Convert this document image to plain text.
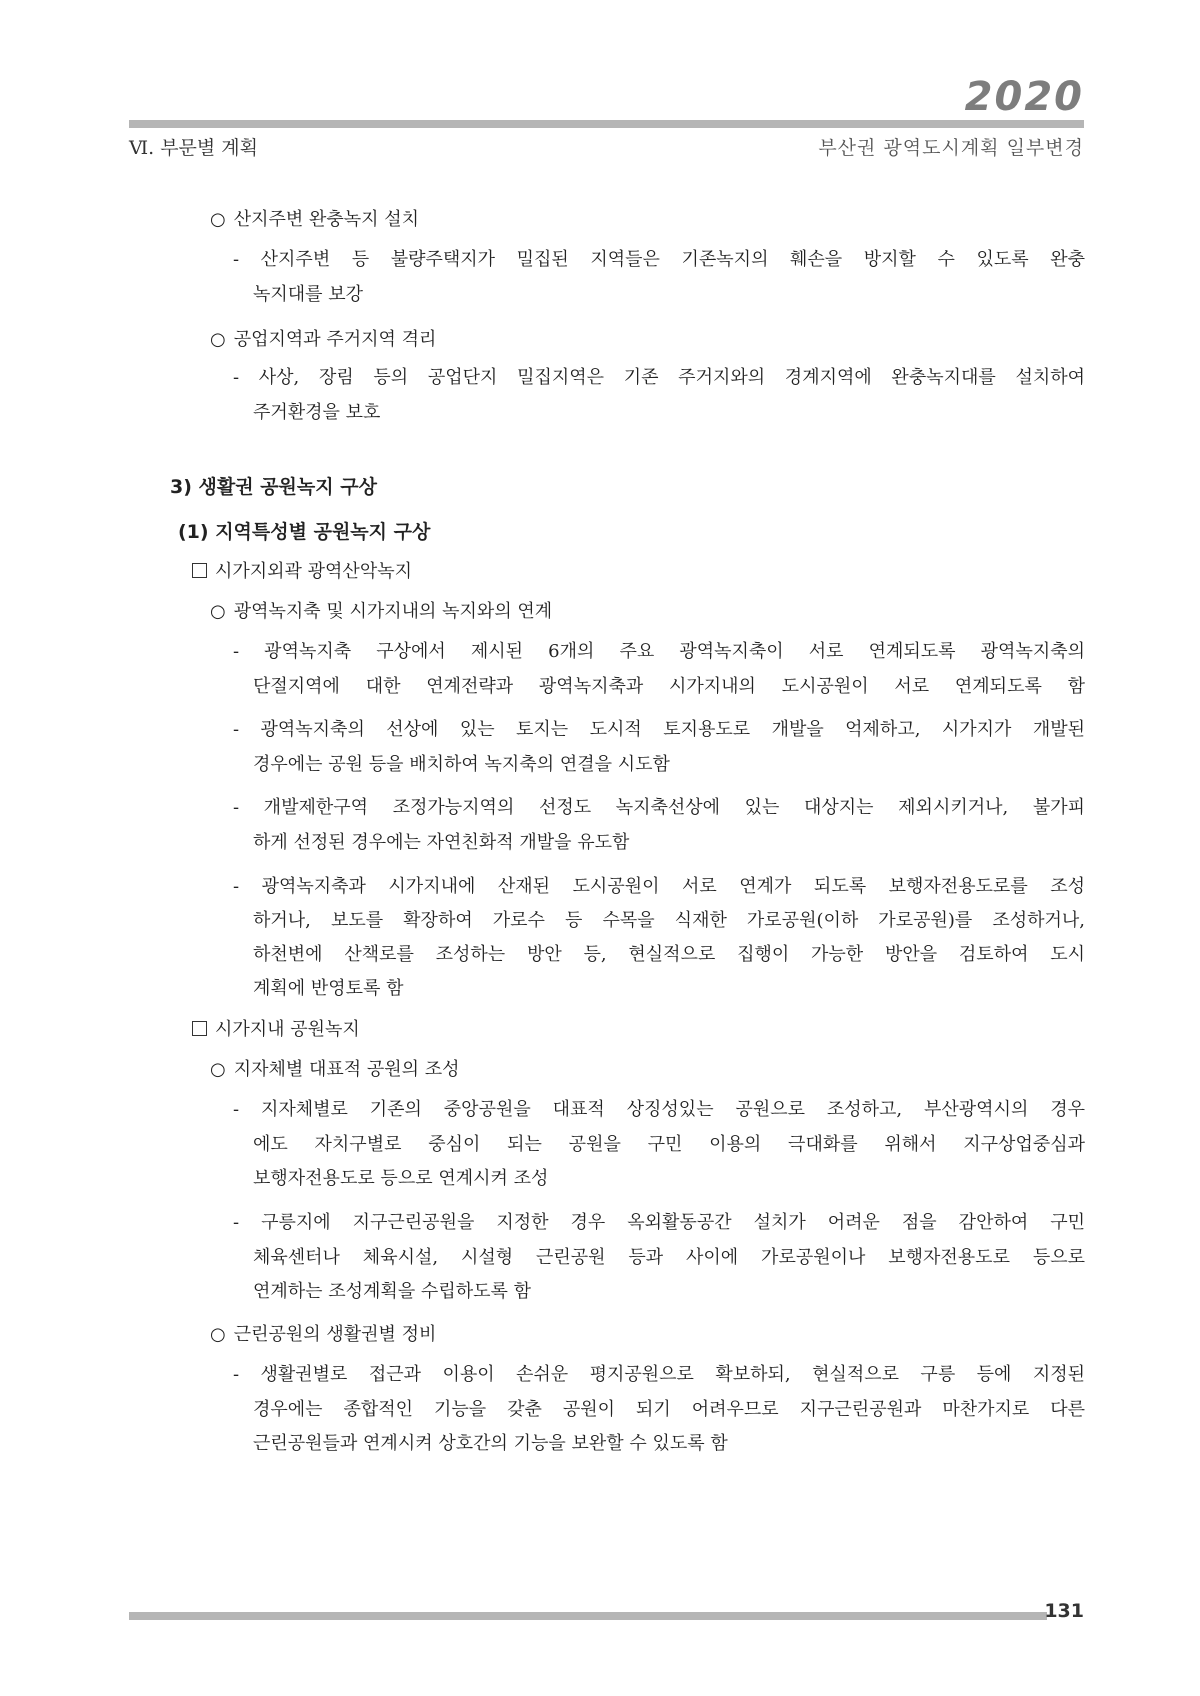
2020
Ⅵ. 부문별 계획	부산권 광역도시계획 일부변경
○ 산지주변 완충녹지 설치
- 산지주변 등 불량주택지가 밀집된 지역들은 기존녹지의 훼손을 방지할 수 있도록 완충
녹지대를 보강
○ 공업지역과 주거지역 격리
- 사상, 장림 등의 공업단지 밀집지역은 기존 주거지와의 경계지역에 완충녹지대를 설치하여
주거환경을 보호
3) 생활권 공원녹지 구상
(1) 지역특성별 공원녹지 구상
시가지외곽 광역산악녹지
○ 광역녹지축 및 시가지내의 녹지와의 연계
- 광역녹지축 구상에서 제시된 6개의 주요 광역녹지축이 서로 연계되도록 광역녹지축의
단절지역에 대한 연계전략과 광역녹지축과 시가지내의 도시공원이 서로 연계되도록 함
- 광역녹지축의 선상에 있는 토지는 도시적 토지용도로 개발을 억제하고, 시가지가 개발된
경우에는 공원 등을 배치하여 녹지축의 연결을 시도함
- 개발제한구역 조정가능지역의 선정도 녹지축선상에 있는 대상지는 제외시키거나, 불가피
하게 선정된 경우에는 자연친화적 개발을 유도함
- 광역녹지축과 시가지내에 산재된 도시공원이 서로 연계가 되도록 보행자전용도로를 조성
하거나, 보도를 확장하여 가로수 등 수목을 식재한 가로공원(이하 가로공원)를 조성하거나,
하천변에 산책로를 조성하는 방안 등, 현실적으로 집행이 가능한 방안을 검토하여 도시
계획에 반영토록 함
시가지내 공원녹지
○ 지자체별 대표적 공원의 조성
- 지자체별로 기존의 중앙공원을 대표적 상징성있는 공원으로 조성하고, 부산광역시의 경우
에도 자치구별로 중심이 되는 공원을 구민 이용의 극대화를 위해서 지구상업중심과
보행자전용도로 등으로 연계시켜 조성
- 구릉지에 지구근린공원을 지정한 경우 옥외활동공간 설치가 어려운 점을 감안하여 구민
체육센터나 체육시설, 시설형 근린공원 등과 사이에 가로공원이나 보행자전용도로 등으로
연계하는 조성계획을 수립하도록 함
○ 근린공원의 생활권별 정비
- 생활권별로 접근과 이용이 손쉬운 평지공원으로 확보하되, 현실적으로 구릉 등에 지정된
경우에는 종합적인 기능을 갖춘 공원이 되기 어려우므로 지구근린공원과 마찬가지로 다른
근린공원들과 연계시켜 상호간의 기능을 보완할 수 있도록 함
131
